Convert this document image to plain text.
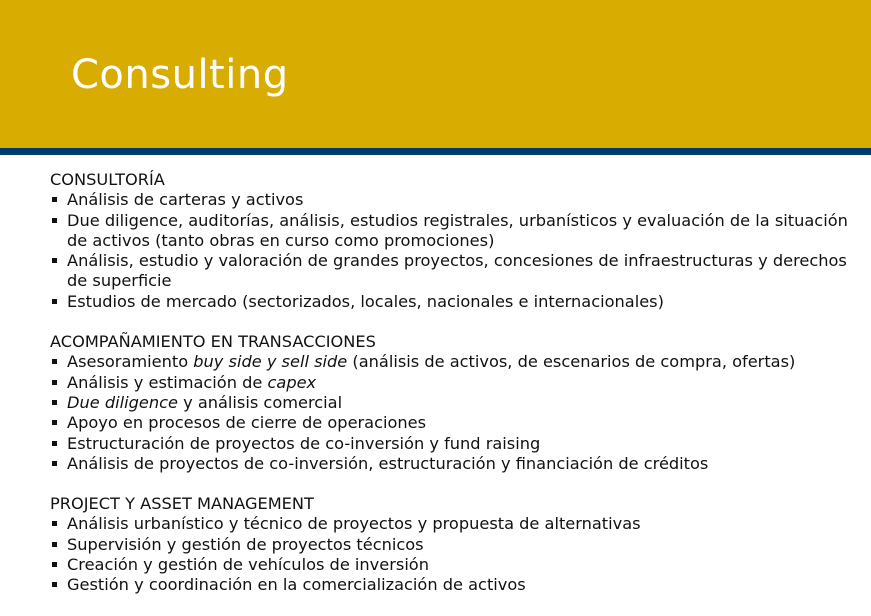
Consulting
CONSULTORÍA
Análisis de carteras y activos
Due diligence, auditorías, análisis, estudios registrales, urbanísticos y evaluación de la situación de activos (tanto obras en curso como promociones)
Análisis, estudio y valoración de grandes proyectos, concesiones de infraestructuras y derechos de superficie
Estudios de mercado (sectorizados, locales, nacionales e internacionales)
ACOMPAÑAMIENTO EN TRANSACCIONES
Asesoramiento buy side y sell side (análisis de activos, de escenarios de compra, ofertas)
Análisis y estimación de capex
Due diligence y análisis comercial
Apoyo en procesos de cierre de operaciones
Estructuración de proyectos de co-inversión y fund raising
Análisis de proyectos de co-inversión, estructuración y financiación de créditos
PROJECT Y ASSET MANAGEMENT
Análisis urbanístico y técnico de proyectos y propuesta de alternativas
Supervisión y gestión de proyectos técnicos
Creación y gestión de vehículos de inversión
Gestión y coordinación en la comercialización de activos
